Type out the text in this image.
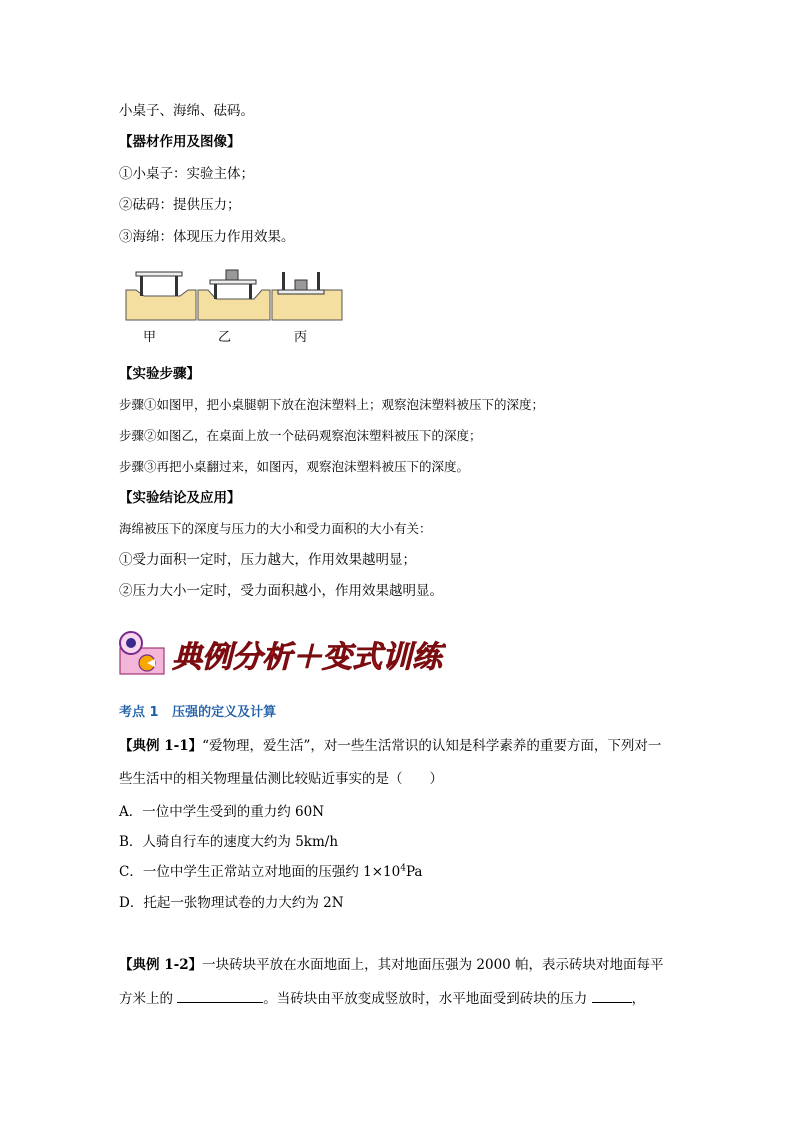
小桌子、海绵、砝码。
【器材作用及图像】
①小桌子：实验主体；
②砝码：提供压力；
③海绵：体现压力作用效果。
甲	乙	丙
【实验步骤】
步骤①如图甲，把小桌腿朝下放在泡沫塑料上；观察泡沫塑料被压下的深度；
步骤②如图乙，在桌面上放一个砝码观察泡沫塑料被压下的深度；
步骤③再把小桌翻过来，如图丙，观察泡沫塑料被压下的深度。
【实验结论及应用】
海绵被压下的深度与压力的大小和受力面积的大小有关：
①受力面积一定时，压力越大，作用效果越明显；
②压力大小一定时，受力面积越小，作用效果越明显。
典例分析＋变式训练
考点 1 压强的定义及计算
【典例 1-1】“爱物理，爱生活”，对一些生活常识的认知是科学素养的重要方面，下列对一
些生活中的相关物理量估测比较贴近事实的是（　　）
A．一位中学生受到的重力约 60N
B．人骑自行车的速度大约为 5km/h
C．一位中学生正常站立对地面的压强约 $1\times 10^4Pa$
D．托起一张物理试卷的力大约为 2N
【典例 1-2】一块砖块平放在水面地面上，其对地面压强为 2000 帕，表示砖块对地面每平
方米上的	。当砖块由平放变成竖放时，水平地面受到砖块的压力	，
